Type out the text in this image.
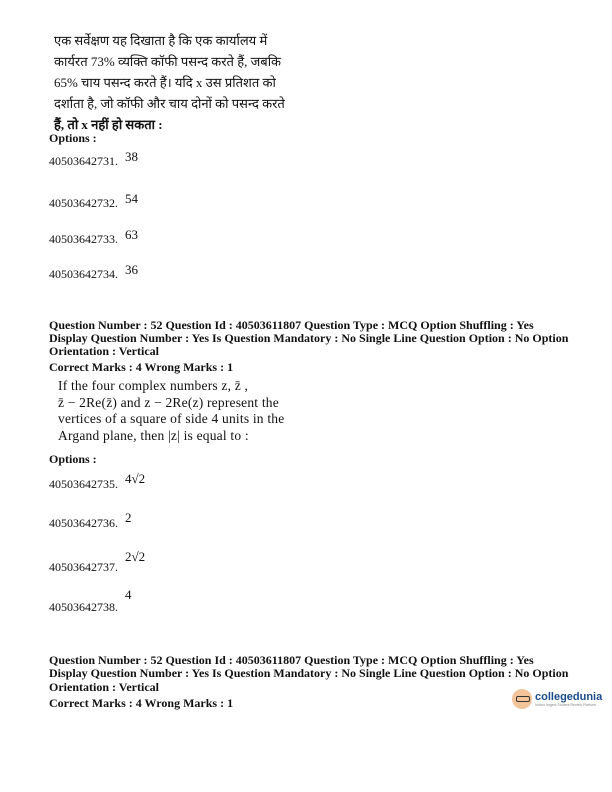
एक सर्वेक्षण यह दिखाता है कि एक कार्यालय में
कार्यरत 73% व्यक्ति कॉफी पसन्द करते हैं, जबकि
65% चाय पसन्द करते हैं। यदि x उस प्रतिशत को
दर्शाता है, जो कॉफी और चाय दोनों को पसन्द करते
हैं, तो x नहीं हो सकता :
Options :
40503642731. $^{38}$
40503642732. $^{54}$
40503642733. $^{63}$
40503642734. $^{36}$
Question Number : 52 Question Id : 40503611807 Question Type : MCQ Option Shuffling : Yes
Display Question Number : Yes Is Question Mandatory : No Single Line Question Option : No Option
Orientation : Vertical
Correct Marks : 4 Wrong Marks : 1
If the four complex numbers z, z̄ ,
z̄ − 2Re(z̄) and z − 2Re(z) represent the
vertices of a square of side 4 units in the
Argand plane, then |z| is equal to :
Options :
40503642735. $^{4√2}$
40503642736. $^2$
40503642737. $^{2√2}$
40503642738. $^4$
Question Number : 52 Question Id : 40503611807 Question Type : MCQ Option Shuffling : Yes
Display Question Number : Yes Is Question Mandatory : No Single Line Question Option : No Option
Orientation : Vertical
Correct Marks : 4 Wrong Marks : 1	collegedunia
India's largest Student Review Platform
